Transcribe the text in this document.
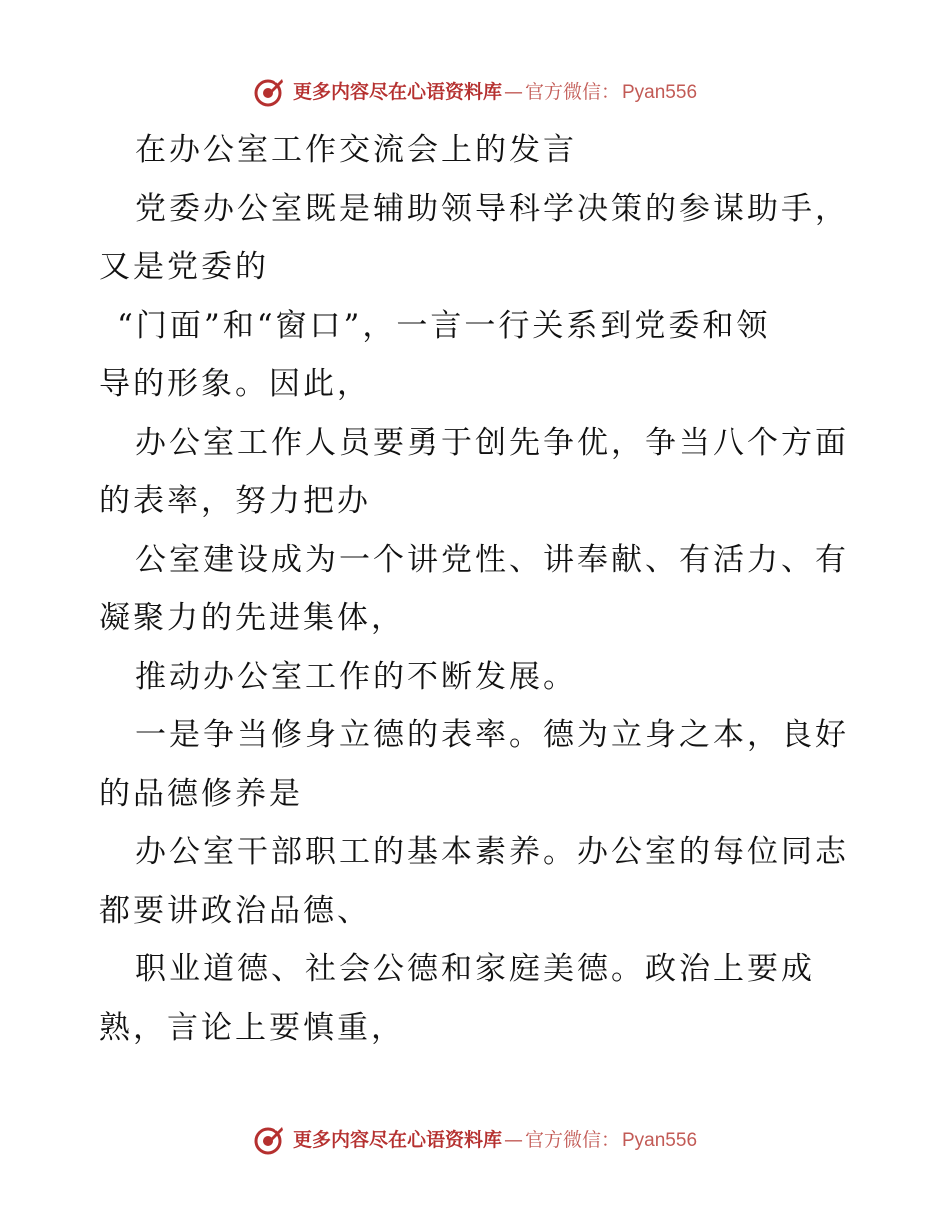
更多内容尽在心语资料库 — 官方微信： Pyan556
在办公室工作交流会上的发言
党委办公室既是辅助领导科学决策的参谋助手，
又是党委的
“门面”和“窗口”，一言一行关系到党委和领
导的形象。因此，
办公室工作人员要勇于创先争优，争当八个方面
的表率，努力把办
公室建设成为一个讲党性、讲奉献、有活力、有
凝聚力的先进集体，
推动办公室工作的不断发展。
一是争当修身立德的表率。德为立身之本，良好
的品德修养是
办公室干部职工的基本素养。办公室的每位同志
都要讲政治品德、
职业道德、社会公德和家庭美德。政治上要成
熟，言论上要慎重，
更多内容尽在心语资料库 — 官方微信： Pyan556
